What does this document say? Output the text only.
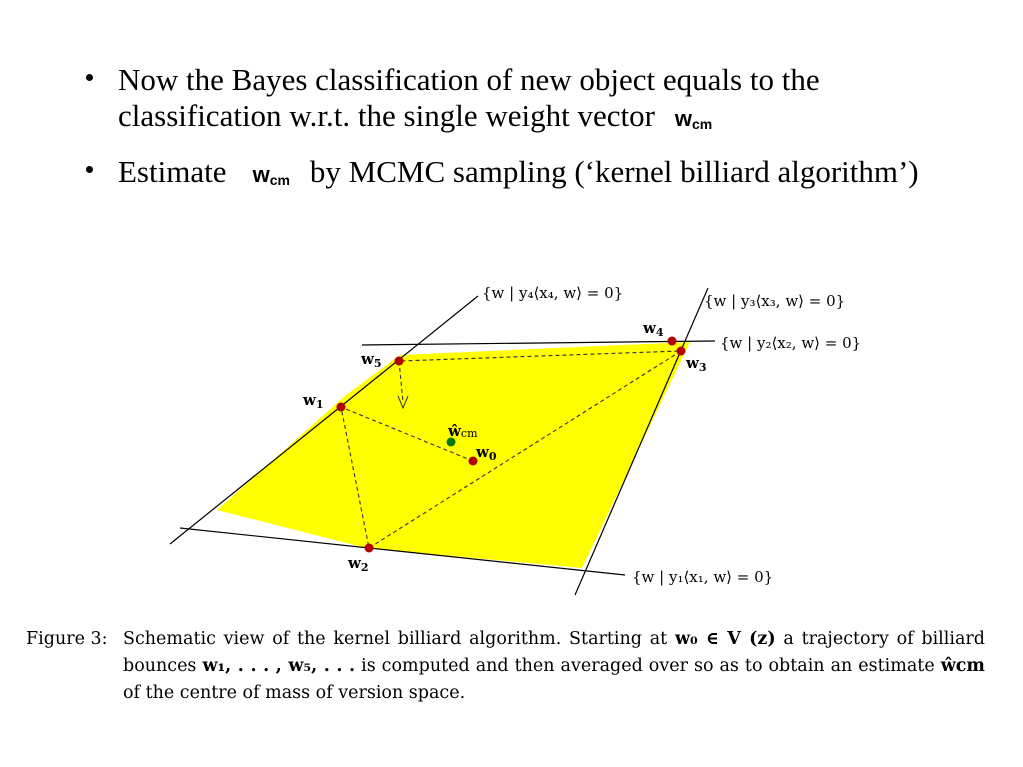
Now the Bayes classification of new object equals to the classification w.r.t. the single weight vector $w_{cm}$
Estimate $w_{cm}$ by MCMC sampling (‘kernel billiard algorithm’)
$w_0$
$w_1$
$w_2$
$w_3$
$w_4$
$w_5$
ŵcm
{w | y₄⟨x₄, w⟩ = 0}	{w | y₃⟨x₃, w⟩ = 0}
{w | y₂⟨x₂, w⟩ = 0}
{w | y₁⟨x₁, w⟩ = 0}
Figure 3: Schematic view of the kernel billiard algorithm. Starting at w₀ ∈ V (z) a trajectory of billiard bounces w₁, . . . , w₅, . . . is computed and then averaged over so as to obtain an estimate ŵcm of the centre of mass of version space.
